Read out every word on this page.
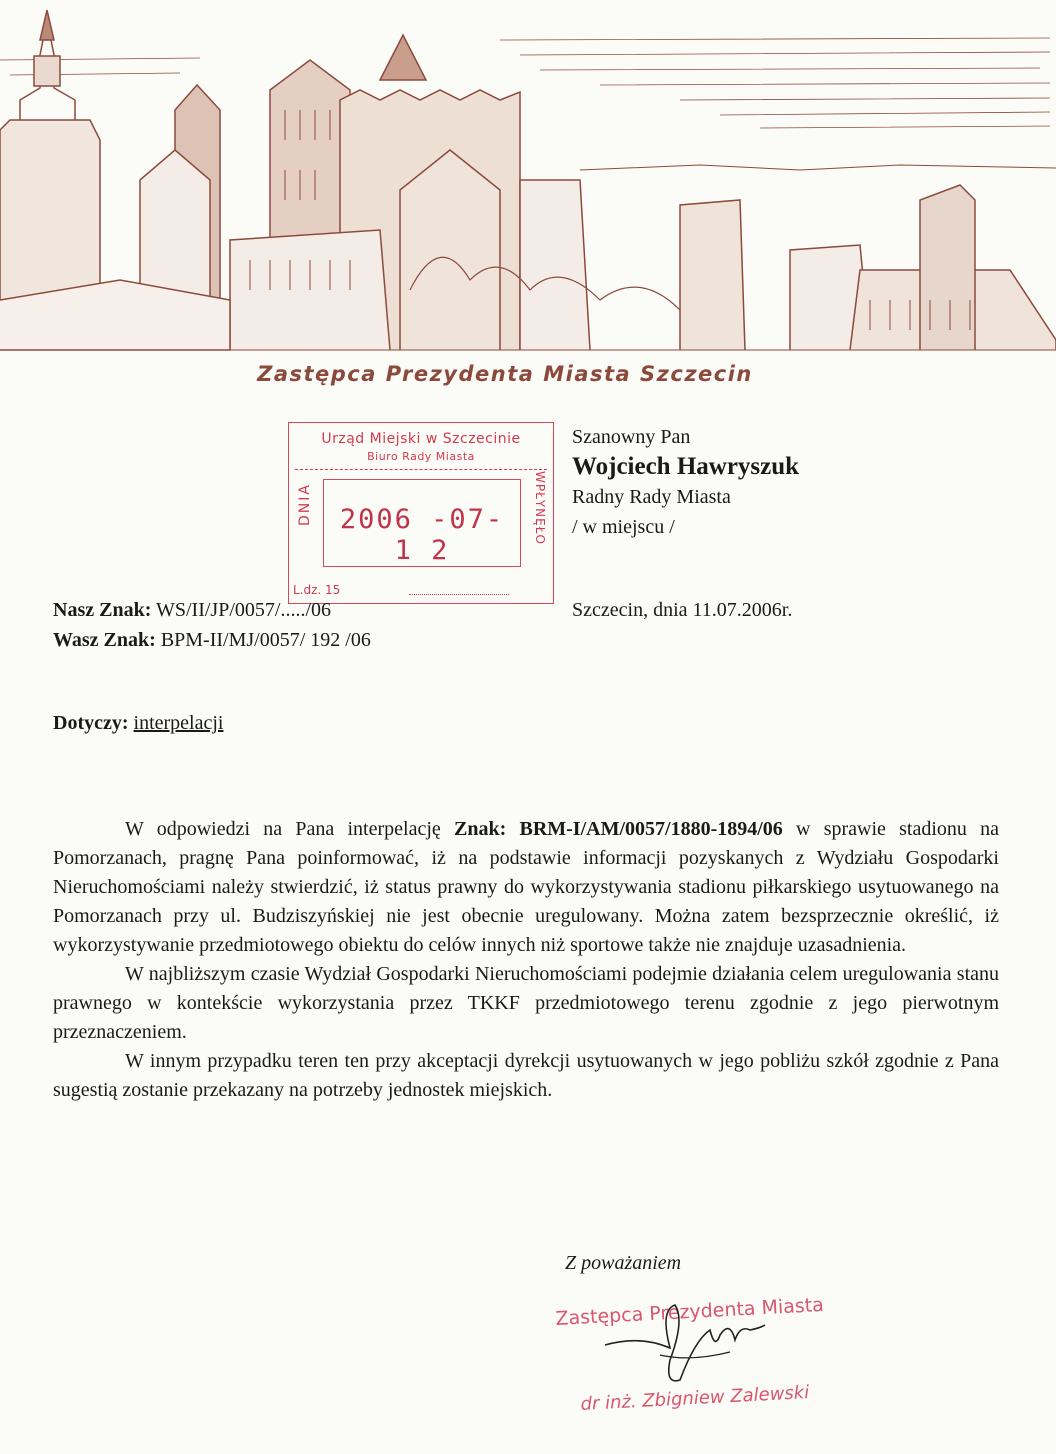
Zastępca Prezydenta Miasta Szczecin
Urząd Miejski w Szczecinie
Biuro Rady Miasta
DNIA 2006 -07- 1 2
WPŁYNĘŁO
L.dz. 15
Szanowny Pan
Wojciech Hawryszuk
Radny Rady Miasta
/ w miejscu /
Nasz Znak: WS/II/JP/0057/...../06
Wasz Znak: BPM-II/MJ/0057/ 192 /06
Szczecin, dnia 11.07.2006r.
Dotyczy: interpelacji

W odpowiedzi na Pana interpelację Znak: BRM-I/AM/0057/1880-1894/06 w sprawie stadionu na Pomorzanach, pragnę Pana poinformować, iż na podstawie informacji pozyskanych z Wydziału Gospodarki Nieruchomościami należy stwierdzić, iż status prawny do wykorzystywania stadionu piłkarskiego usytuowanego na Pomorzanach przy ul. Budziszyńskiej nie jest obecnie uregulowany. Można zatem bezsprzecznie określić, iż wykorzystywanie przedmiotowego obiektu do celów innych niż sportowe także nie znajduje uzasadnienia.

W najbliższym czasie Wydział Gospodarki Nieruchomościami podejmie działania celem uregulowania stanu prawnego w kontekście wykorzystania przez TKKF przedmiotowego terenu zgodnie z jego pierwotnym przeznaczeniem.

W innym przypadku teren ten przy akceptacji dyrekcji usytuowanych w jego pobliżu szkół zgodnie z Pana sugestią zostanie przekazany na potrzeby jednostek miejskich.

Z poważaniem
Zastępca Prezydenta Miasta
dr inż. Zbigniew Zalewski
